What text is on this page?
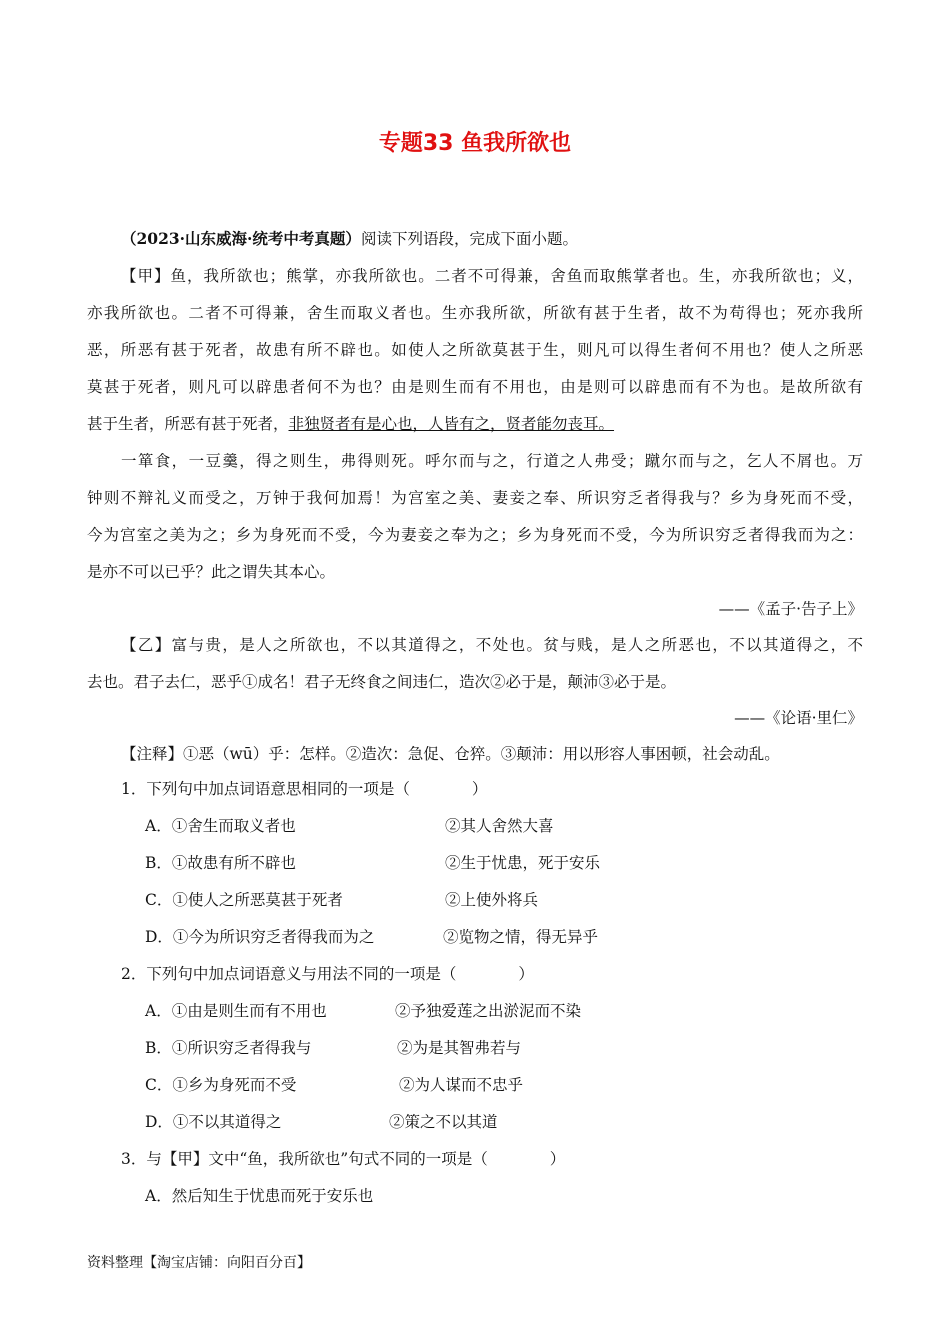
专题33 鱼我所欲也
（2023·山东威海·统考中考真题）阅读下列语段，完成下面小题。
【甲】鱼，我所欲也；熊掌，亦我所欲也。二者不可得兼，舍鱼而取熊掌者也。生，亦我所欲也；义，
亦我所欲也。二者不可得兼，舍生而取义者也。生亦我所欲，所欲有甚于生者，故不为苟得也；死亦我所
恶，所恶有甚于死者，故患有所不辟也。如使人之所欲莫甚于生，则凡可以得生者何不用也？使人之所恶
莫甚于死者，则凡可以辟患者何不为也？由是则生而有不用也，由是则可以辟患而有不为也。是故所欲有
甚于生者，所恶有甚于死者，非独贤者有是心也，人皆有之，贤者能勿丧耳。
一箪食，一豆羹，得之则生，弗得则死。呼尔而与之，行道之人弗受；蹴尔而与之，乞人不屑也。万
钟则不辩礼义而受之，万钟于我何加焉！为宫室之美、妻妾之奉、所识穷乏者得我与？乡为身死而不受，
今为宫室之美为之；乡为身死而不受，今为妻妾之奉为之；乡为身死而不受，今为所识穷乏者得我而为之：
是亦不可以已乎？此之谓失其本心。
——《孟子·告子上》
【乙】富与贵，是人之所欲也，不以其道得之，不处也。贫与贱，是人之所恶也，不以其道得之，不
去也。君子去仁，恶乎①成名！君子无终食之间违仁，造次②必于是，颠沛③必于是。
——《论语·里仁》
【注释】①恶（wū）乎：怎样。②造次：急促、仓猝。③颠沛：用以形容人事困顿，社会动乱。
1．下列句中加点词语意思相同的一项是（　　　　）
A．①舍生而取义者也	②其人舍然大喜
B．①故患有所不辟也	②生于忧患，死于安乐
C．①使人之所恶莫甚于死者	②上使外将兵
D．①今为所识穷乏者得我而为之	②览物之情，得无异乎
2．下列句中加点词语意义与用法不同的一项是（　　　　）
A．①由是则生而有不用也	②予独爱莲之出淤泥而不染
B．①所识穷乏者得我与	②为是其智弗若与
C．①乡为身死而不受	②为人谋而不忠乎
D．①不以其道得之	②策之不以其道
3．与【甲】文中“鱼，我所欲也”句式不同的一项是（　　　　）
A．然后知生于忧患而死于安乐也
资料整理【淘宝店铺：向阳百分百】
